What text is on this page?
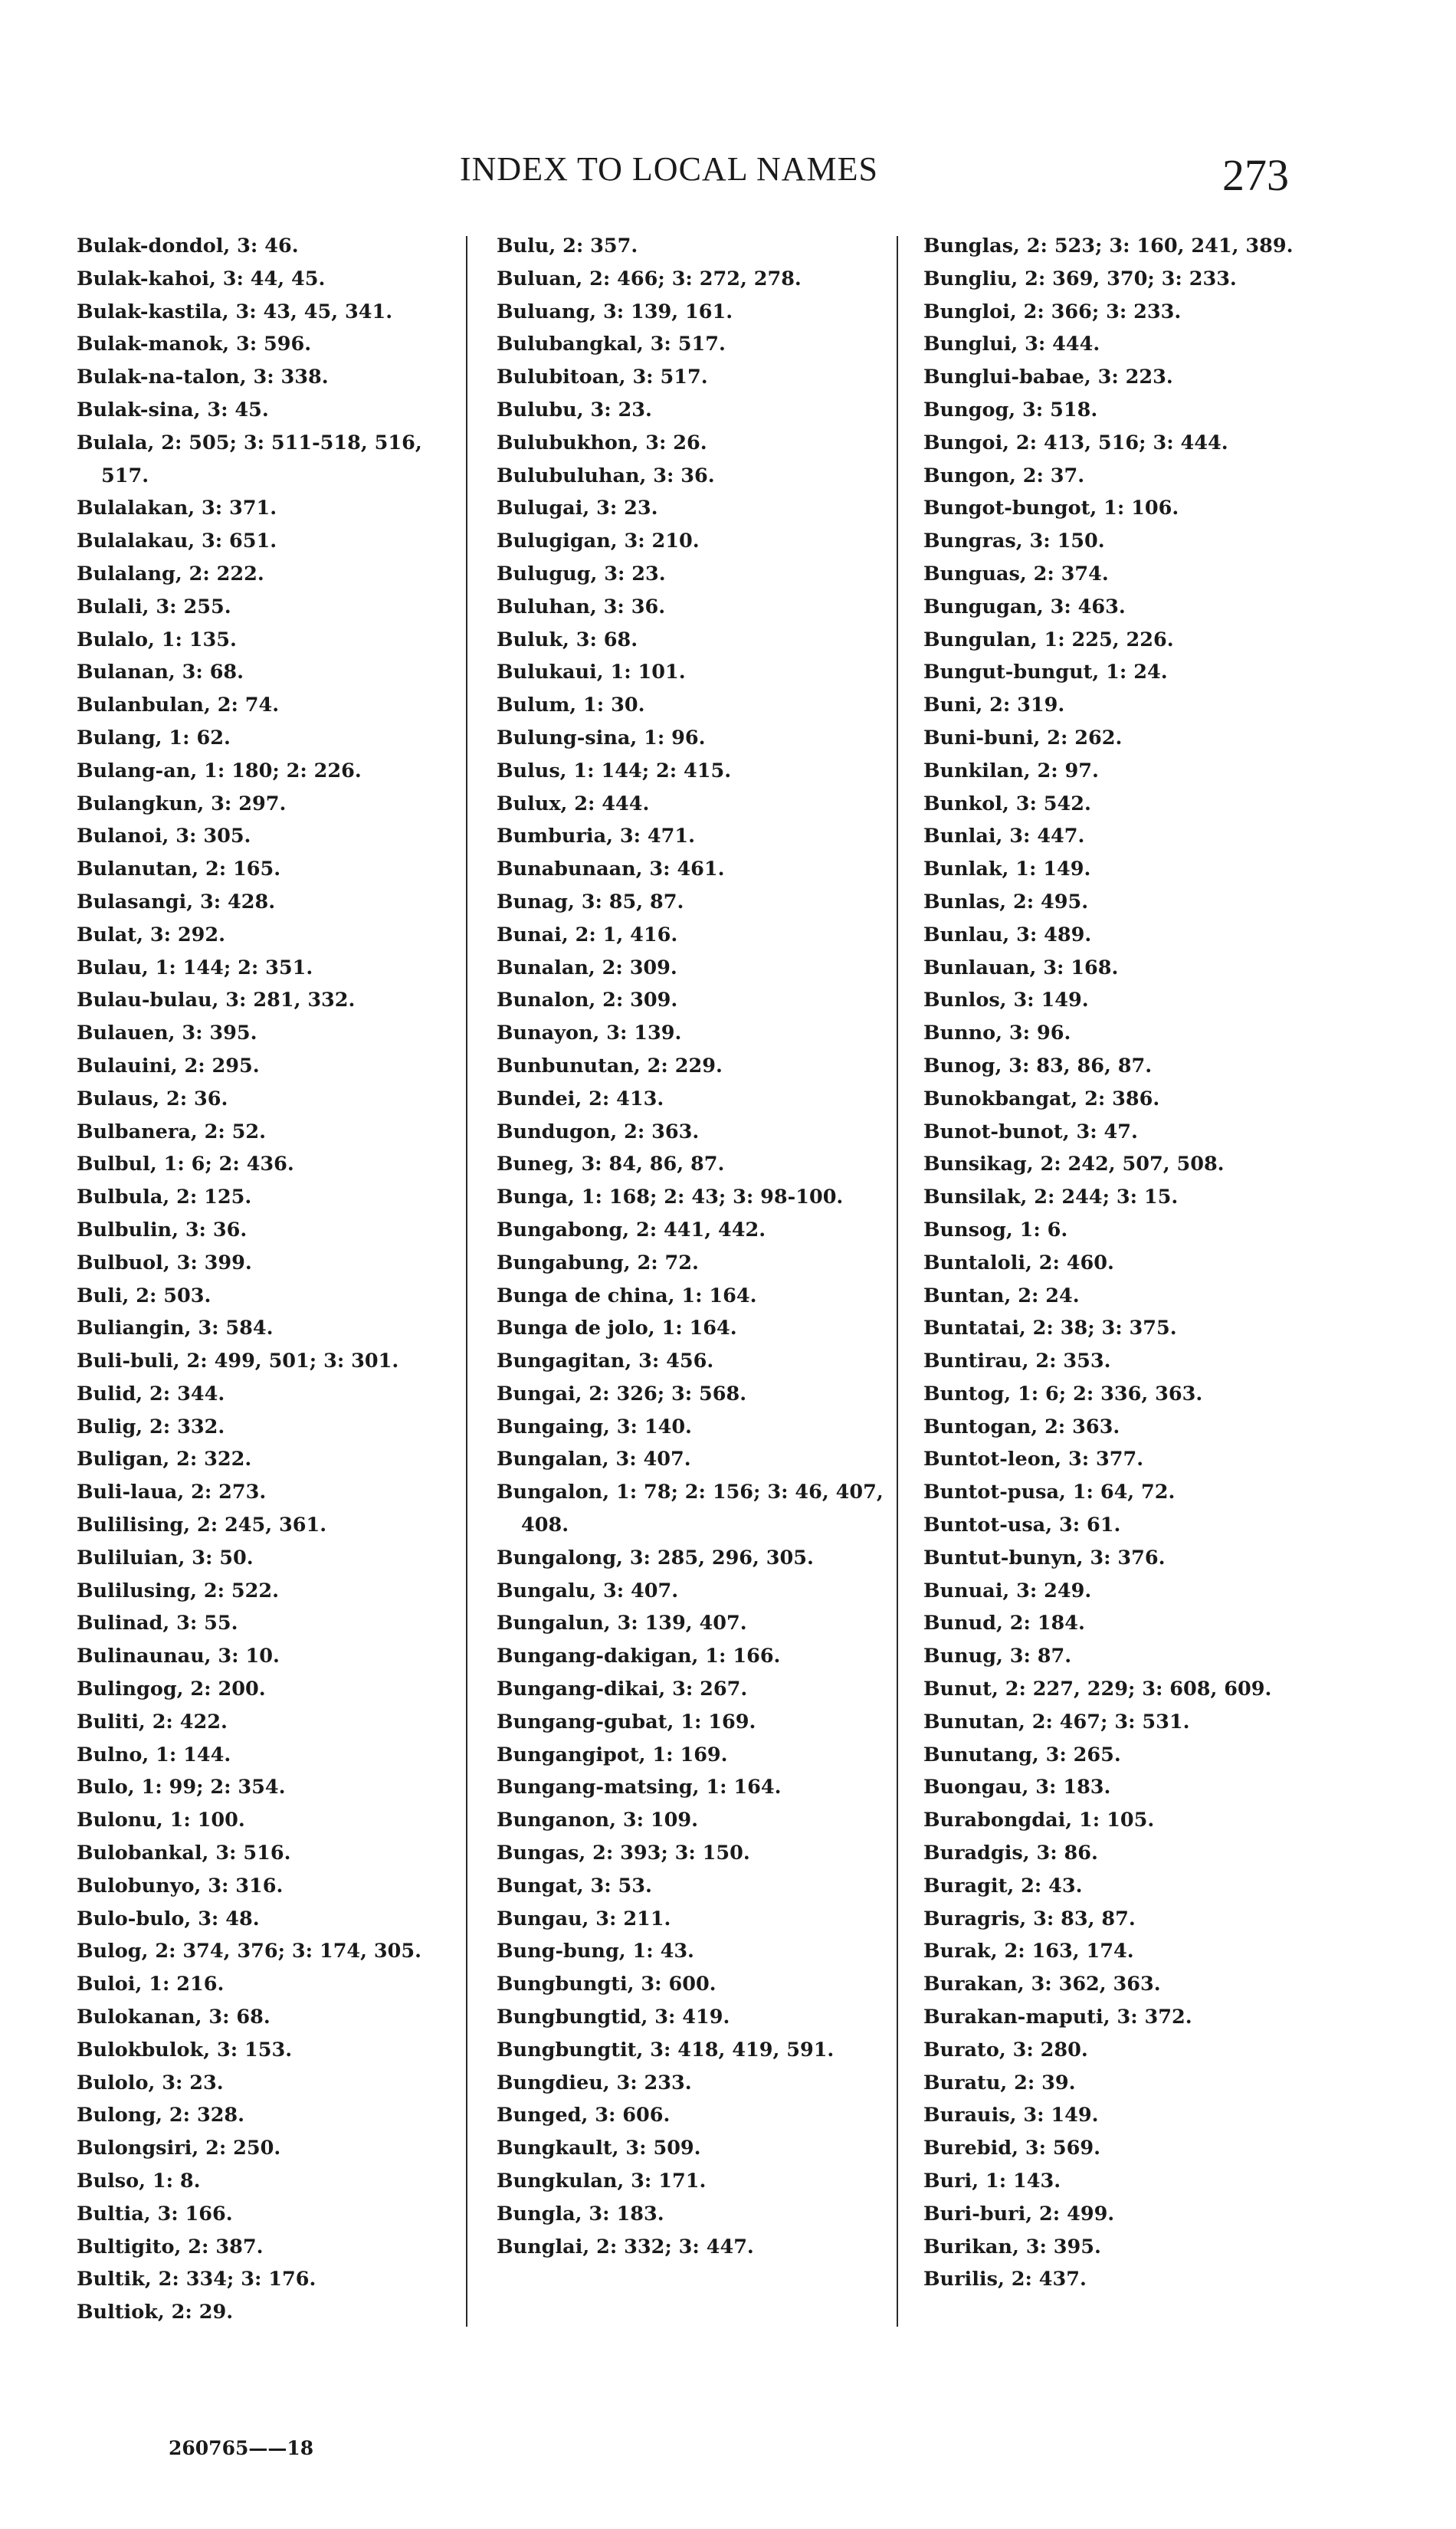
INDEX TO LOCAL NAMES	273
Bulak-dondol, 3: 46.
Bulak-kahoi, 3: 44, 45.
Bulak-kastila, 3: 43, 45, 341.
Bulak-manok, 3: 596.
Bulak-na-talon, 3: 338.
Bulak-sina, 3: 45.
Bulala, 2: 505; 3: 511-518, 516, 517.
Bulalakan, 3: 371.
Bulalakau, 3: 651.
Bulalang, 2: 222.
Bulali, 3: 255.
Bulalo, 1: 135.
Bulanan, 3: 68.
Bulanbulan, 2: 74.
Bulang, 1: 62.
Bulang-an, 1: 180; 2: 226.
Bulangkun, 3: 297.
Bulanoi, 3: 305.
Bulanutan, 2: 165.
Bulasangi, 3: 428.
Bulat, 3: 292.
Bulau, 1: 144; 2: 351.
Bulau-bulau, 3: 281, 332.
Bulauen, 3: 395.
Bulauini, 2: 295.
Bulaus, 2: 36.
Bulbanera, 2: 52.
Bulbul, 1: 6; 2: 436.
Bulbula, 2: 125.
Bulbulin, 3: 36.
Bulbuol, 3: 399.
Buli, 2: 503.
Buliangin, 3: 584.
Buli-buli, 2: 499, 501; 3: 301.
Bulid, 2: 344.
Bulig, 2: 332.
Buligan, 2: 322.
Buli-laua, 2: 273.
Bulilising, 2: 245, 361.
Buliluian, 3: 50.
Bulilusing, 2: 522.
Bulinad, 3: 55.
Bulinaunau, 3: 10.
Bulingog, 2: 200.
Buliti, 2: 422.
Bulno, 1: 144.
Bulo, 1: 99; 2: 354.
Bulonu, 1: 100.
Bulobankal, 3: 516.
Bulobunyo, 3: 316.
Bulo-bulo, 3: 48.
Bulog, 2: 374, 376; 3: 174, 305.
Buloi, 1: 216.
Bulokanan, 3: 68.
Bulokbulok, 3: 153.
Bulolo, 3: 23.
Bulong, 2: 328.
Bulongsiri, 2: 250.
Bulso, 1: 8.
Bultia, 3: 166.
Bultigito, 2: 387.
Bultik, 2: 334; 3: 176.
Bultiok, 2: 29.
Bulu, 2: 357.
Buluan, 2: 466; 3: 272, 278.
Buluang, 3: 139, 161.
Bulubangkal, 3: 517.
Bulubitoan, 3: 517.
Bulubu, 3: 23.
Bulubukhon, 3: 26.
Bulubuluhan, 3: 36.
Bulugai, 3: 23.
Bulugigan, 3: 210.
Bulugug, 3: 23.
Buluhan, 3: 36.
Buluk, 3: 68.
Bulukaui, 1: 101.
Bulum, 1: 30.
Bulung-sina, 1: 96.
Bulus, 1: 144; 2: 415.
Bulux, 2: 444.
Bumburia, 3: 471.
Bunabunaan, 3: 461.
Bunag, 3: 85, 87.
Bunai, 2: 1, 416.
Bunalan, 2: 309.
Bunalon, 2: 309.
Bunayon, 3: 139.
Bunbunutan, 2: 229.
Bundei, 2: 413.
Bundugon, 2: 363.
Buneg, 3: 84, 86, 87.
Bunga, 1: 168; 2: 43; 3: 98-100.
Bungabong, 2: 441, 442.
Bungabung, 2: 72.
Bunga de china, 1: 164.
Bunga de jolo, 1: 164.
Bungagitan, 3: 456.
Bungai, 2: 326; 3: 568.
Bungaing, 3: 140.
Bungalan, 3: 407.
Bungalon, 1: 78; 2: 156; 3: 46, 407, 408.
Bungalong, 3: 285, 296, 305.
Bungalu, 3: 407.
Bungalun, 3: 139, 407.
Bungang-dakigan, 1: 166.
Bungang-dikai, 3: 267.
Bungang-gubat, 1: 169.
Bungangipot, 1: 169.
Bungang-matsing, 1: 164.
Bunganon, 3: 109.
Bungas, 2: 393; 3: 150.
Bungat, 3: 53.
Bungau, 3: 211.
Bung-bung, 1: 43.
Bungbungti, 3: 600.
Bungbungtid, 3: 419.
Bungbungtit, 3: 418, 419, 591.
Bungdieu, 3: 233.
Bunged, 3: 606.
Bungkault, 3: 509.
Bungkulan, 3: 171.
Bungla, 3: 183.
Bunglai, 2: 332; 3: 447.
Bunglas, 2: 523; 3: 160, 241, 389.
Bungliu, 2: 369, 370; 3: 233.
Bungloi, 2: 366; 3: 233.
Bunglui, 3: 444.
Bunglui-babae, 3: 223.
Bungog, 3: 518.
Bungoi, 2: 413, 516; 3: 444.
Bungon, 2: 37.
Bungot-bungot, 1: 106.
Bungras, 3: 150.
Bunguas, 2: 374.
Bungugan, 3: 463.
Bungulan, 1: 225, 226.
Bungut-bungut, 1: 24.
Buni, 2: 319.
Buni-buni, 2: 262.
Bunkilan, 2: 97.
Bunkol, 3: 542.
Bunlai, 3: 447.
Bunlak, 1: 149.
Bunlas, 2: 495.
Bunlau, 3: 489.
Bunlauan, 3: 168.
Bunlos, 3: 149.
Bunno, 3: 96.
Bunog, 3: 83, 86, 87.
Bunokbangat, 2: 386.
Bunot-bunot, 3: 47.
Bunsikag, 2: 242, 507, 508.
Bunsilak, 2: 244; 3: 15.
Bunsog, 1: 6.
Buntaloli, 2: 460.
Buntan, 2: 24.
Buntatai, 2: 38; 3: 375.
Buntirau, 2: 353.
Buntog, 1: 6; 2: 336, 363.
Buntogan, 2: 363.
Buntot-leon, 3: 377.
Buntot-pusa, 1: 64, 72.
Buntot-usa, 3: 61.
Buntut-bunyn, 3: 376.
Bunuai, 3: 249.
Bunud, 2: 184.
Bunug, 3: 87.
Bunut, 2: 227, 229; 3: 608, 609.
Bunutan, 2: 467; 3: 531.
Bunutang, 3: 265.
Buongau, 3: 183.
Burabongdai, 1: 105.
Buradgis, 3: 86.
Buragit, 2: 43.
Buragris, 3: 83, 87.
Burak, 2: 163, 174.
Burakan, 3: 362, 363.
Burakan-maputi, 3: 372.
Burato, 3: 280.
Buratu, 2: 39.
Burauis, 3: 149.
Burebid, 3: 569.
Buri, 1: 143.
Buri-buri, 2: 499.
Burikan, 3: 395.
Burilis, 2: 437.
260765——18
